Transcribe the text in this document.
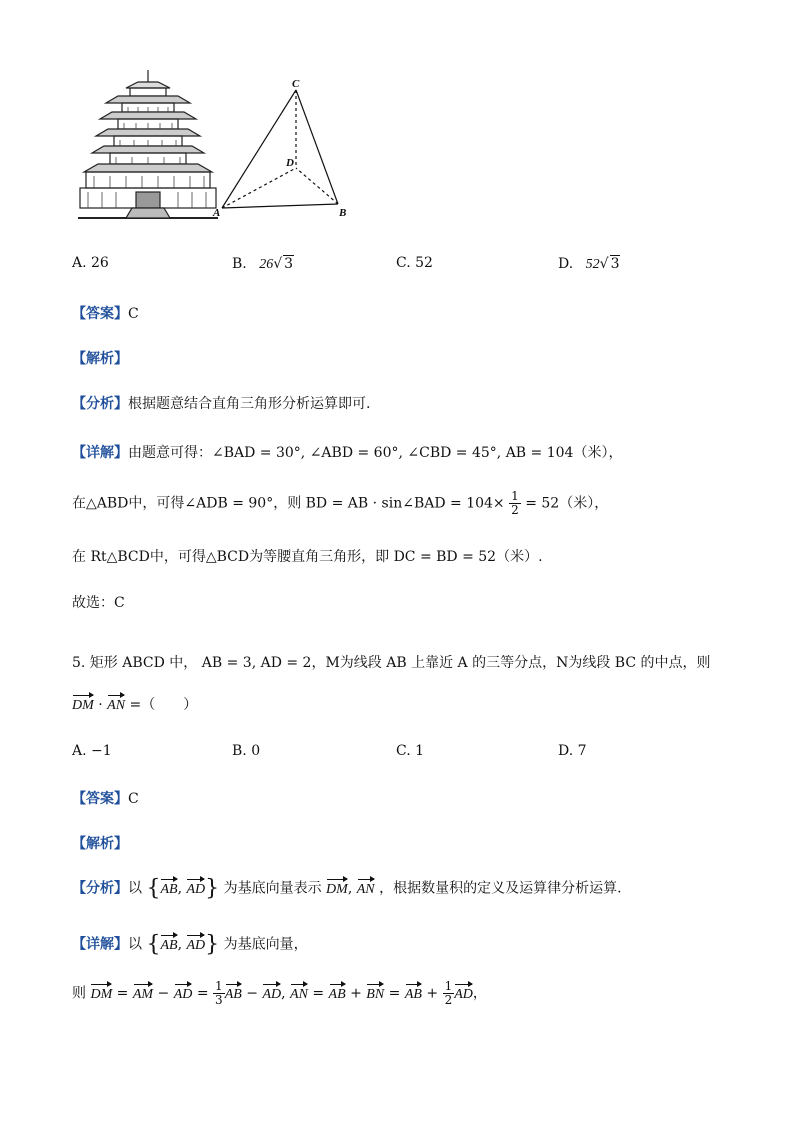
C
D
A	B
A. 26	B. 26√ 3	C. 52	D. 52√ 3
【答案】C
【解析】
【分析】根据题意结合直角三角形分析运算即可.
【详解】由题意可得：∠BAD = 30°, ∠ABD = 60°, ∠CBD = 45°, AB = 104（米），
在△ABD中，可得∠ADB = 90°，则 BD = AB · sin∠BAD = $104\times \frac{1}{2} = 52$（米），
在 Rt△BCD中，可得△BCD为等腰直角三角形，即 DC = BD = 52（米）.
故选：C
5. 矩形 ABCD 中， AB = 3, AD = 2，M为线段 AB 上靠近 A 的三等分点，N为线段 BC 的中点，则
DM · AN =（　　）
A. −1	B. 0	C. 1	D. 7
【答案】C
【解析】
【分析】以 {AB, AD} 为基底向量表示 DM, AN ，根据数量积的定义及运算律分析运算.
【详解】以 {AB, AD} 为基底向量，
则 DM = AM − AD = $\frac{1}{3}$ AB − AD, AN = AB + BN = AB + $\frac{1}{2}$ AD，
